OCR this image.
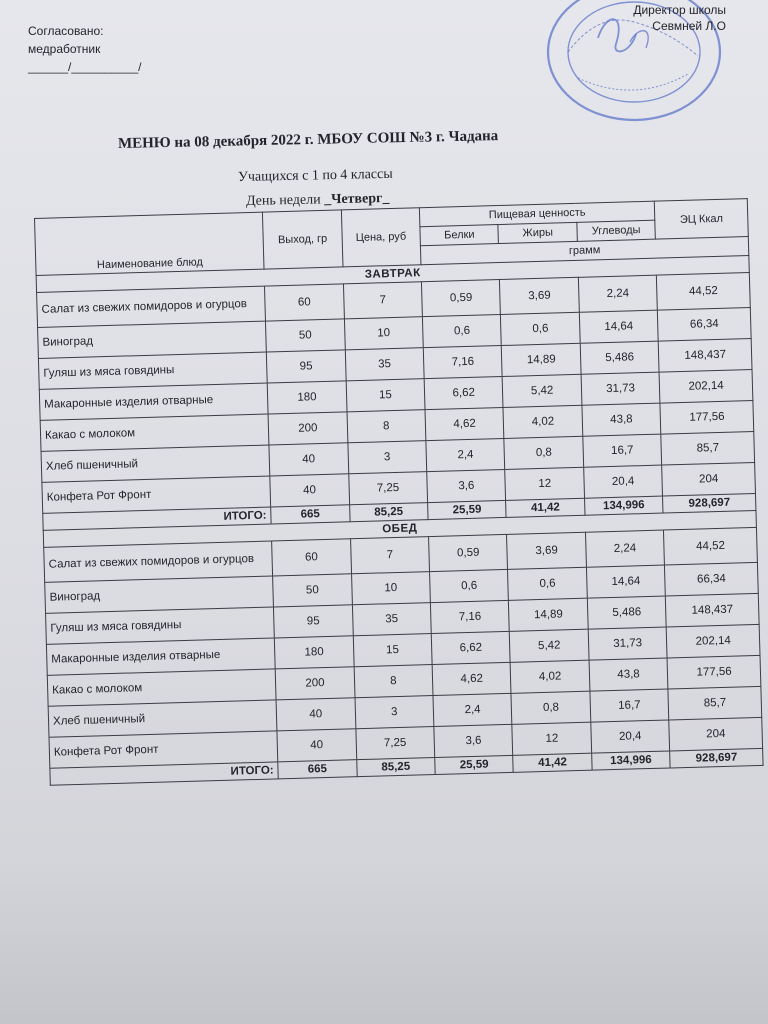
Согласовано:
медработник
______/__________/
Директор школы
Севмней Л.О
МЕНЮ на 08 декабря 2022 г. МБОУ СОШ №3 г. Чадана
Учащихся с 1 по 4 классы
День недели _Четверг_
Наименование блюд	Выход, гр	Цена, руб	Пищевая ценность			ЭЦ Ккал
			Белки	Жиры	Углеводы	
			грамм			
ЗАВТРАК						
Салат из свежих помидоров и огурцов	60	7	0,59	3,69	2,24	44,52
Виноград	50	10	0,6	0,6	14,64	66,34
Гуляш из мяса говядины	95	35	7,16	14,89	5,486	148,437
Макаронные изделия отварные	180	15	6,62	5,42	31,73	202,14
Какао с молоком	200	8	4,62	4,02	43,8	177,56
Хлеб пшеничный	40	3	2,4	0,8	16,7	85,7
Конфета Рот Фронт	40	7,25	3,6	12	20,4	204
ИТОГО:	665	85,25	25,59	41,42	134,996	928,697
ОБЕД						
Салат из свежих помидоров и огурцов	60	7	0,59	3,69	2,24	44,52
Виноград	50	10	0,6	0,6	14,64	66,34
Гуляш из мяса говядины	95	35	7,16	14,89	5,486	148,437
Макаронные изделия отварные	180	15	6,62	5,42	31,73	202,14
Какао с молоком	200	8	4,62	4,02	43,8	177,56
Хлеб пшеничный	40	3	2,4	0,8	16,7	85,7
Конфета Рот Фронт	40	7,25	3,6	12	20,4	204
ИТОГО:	665	85,25	25,59	41,42	134,996	928,697
